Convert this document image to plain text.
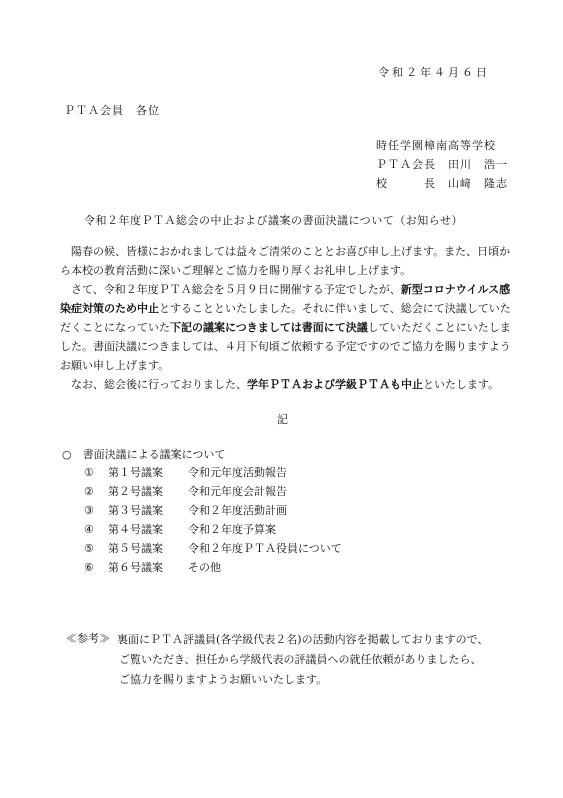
令和２年４月６日
ＰＴＡ会員　各位
時任学園樟南高等学校
ＰＴＡ会長　田川　浩一
校　　　長　山﨑　隆志
令和２年度ＰＴＡ総会の中止および議案の書面決議について（お知らせ）

陽春の候、皆様におかれましては益々ご清栄のこととお喜び申し上げます。また、日頃から本校の教育活動に深いご理解とご協力を賜り厚くお礼申し上げます。

さて、令和２年度ＰＴＡ総会を５月９日に開催する予定でしたが、新型コロナウイルス感染症対策のため中止とすることといたしました。それに伴いまして、総会にて決議していただくことになっていた下記の議案につきましては書面にて決議していただくことにいたしました。書面決議につきましては、４月下旬頃ご依頼する予定ですのでご協力を賜りますようお願い申し上げます。

なお、総会後に行っておりました、学年ＰＴＡおよび学級ＰＴＡも中止といたします。

記
○　書面決議による議案について
① 第１号議案 令和元年度活動報告
② 第２号議案 令和元年度会計報告
③ 第３号議案 令和２年度活動計画
④ 第４号議案 令和２年度予算案
⑤ 第５号議案 令和２年度ＰＴＡ役員について
⑥ 第６号議案 その他
≪参考≫ 裏面にＰＴＡ評議員(各学級代表２名)の活動内容を掲載しておりますので、
ご覧いただき、担任から学級代表の評議員への就任依頼がありましたら、
ご協力を賜りますようお願いいたします。
